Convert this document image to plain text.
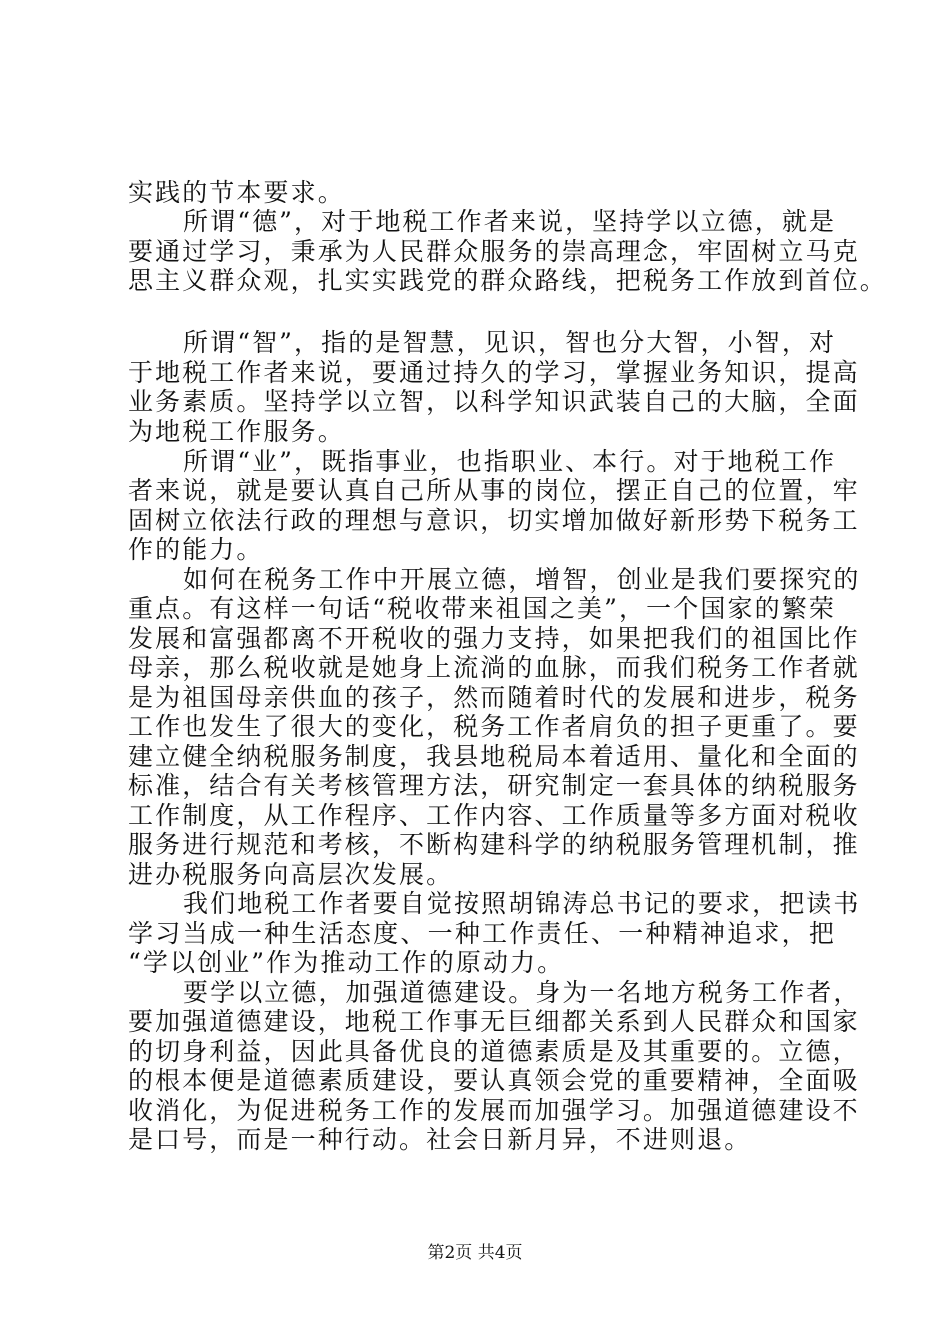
实践的节本要求。
所谓“德”，对于地税工作者来说，坚持学以立德，就是
要通过学习，秉承为人民群众服务的崇高理念，牢固树立马克
思主义群众观，扎实实践党的群众路线，把税务工作放到首位。
所谓“智”，指的是智慧，见识，智也分大智，小智，对
于地税工作者来说，要通过持久的学习，掌握业务知识，提高
业务素质。坚持学以立智，以科学知识武装自己的大脑，全面
为地税工作服务。
所谓“业”，既指事业，也指职业、本行。对于地税工作
者来说，就是要认真自己所从事的岗位，摆正自己的位置，牢
固树立依法行政的理想与意识，切实增加做好新形势下税务工
作的能力。
如何在税务工作中开展立德，增智，创业是我们要探究的
重点。有这样一句话“税收带来祖国之美”，一个国家的繁荣
发展和富强都离不开税收的强力支持，如果把我们的祖国比作
母亲，那么税收就是她身上流淌的血脉，而我们税务工作者就
是为祖国母亲供血的孩子，然而随着时代的发展和进步，税务
工作也发生了很大的变化，税务工作者肩负的担子更重了。要
建立健全纳税服务制度，我县地税局本着适用、量化和全面的
标准，结合有关考核管理方法，研究制定一套具体的纳税服务
工作制度，从工作程序、工作内容、工作质量等多方面对税收
服务进行规范和考核，不断构建科学的纳税服务管理机制，推
进办税服务向高层次发展。
我们地税工作者要自觉按照胡锦涛总书记的要求，把读书
学习当成一种生活态度、一种工作责任、一种精神追求，把
“学以创业”作为推动工作的原动力。
要学以立德，加强道德建设。身为一名地方税务工作者，
要加强道德建设，地税工作事无巨细都关系到人民群众和国家
的切身利益，因此具备优良的道德素质是及其重要的。立德，
的根本便是道德素质建设，要认真领会党的重要精神，全面吸
收消化，为促进税务工作的发展而加强学习。加强道德建设不
是口号，而是一种行动。社会日新月异，不进则退。
第2页 共4页
